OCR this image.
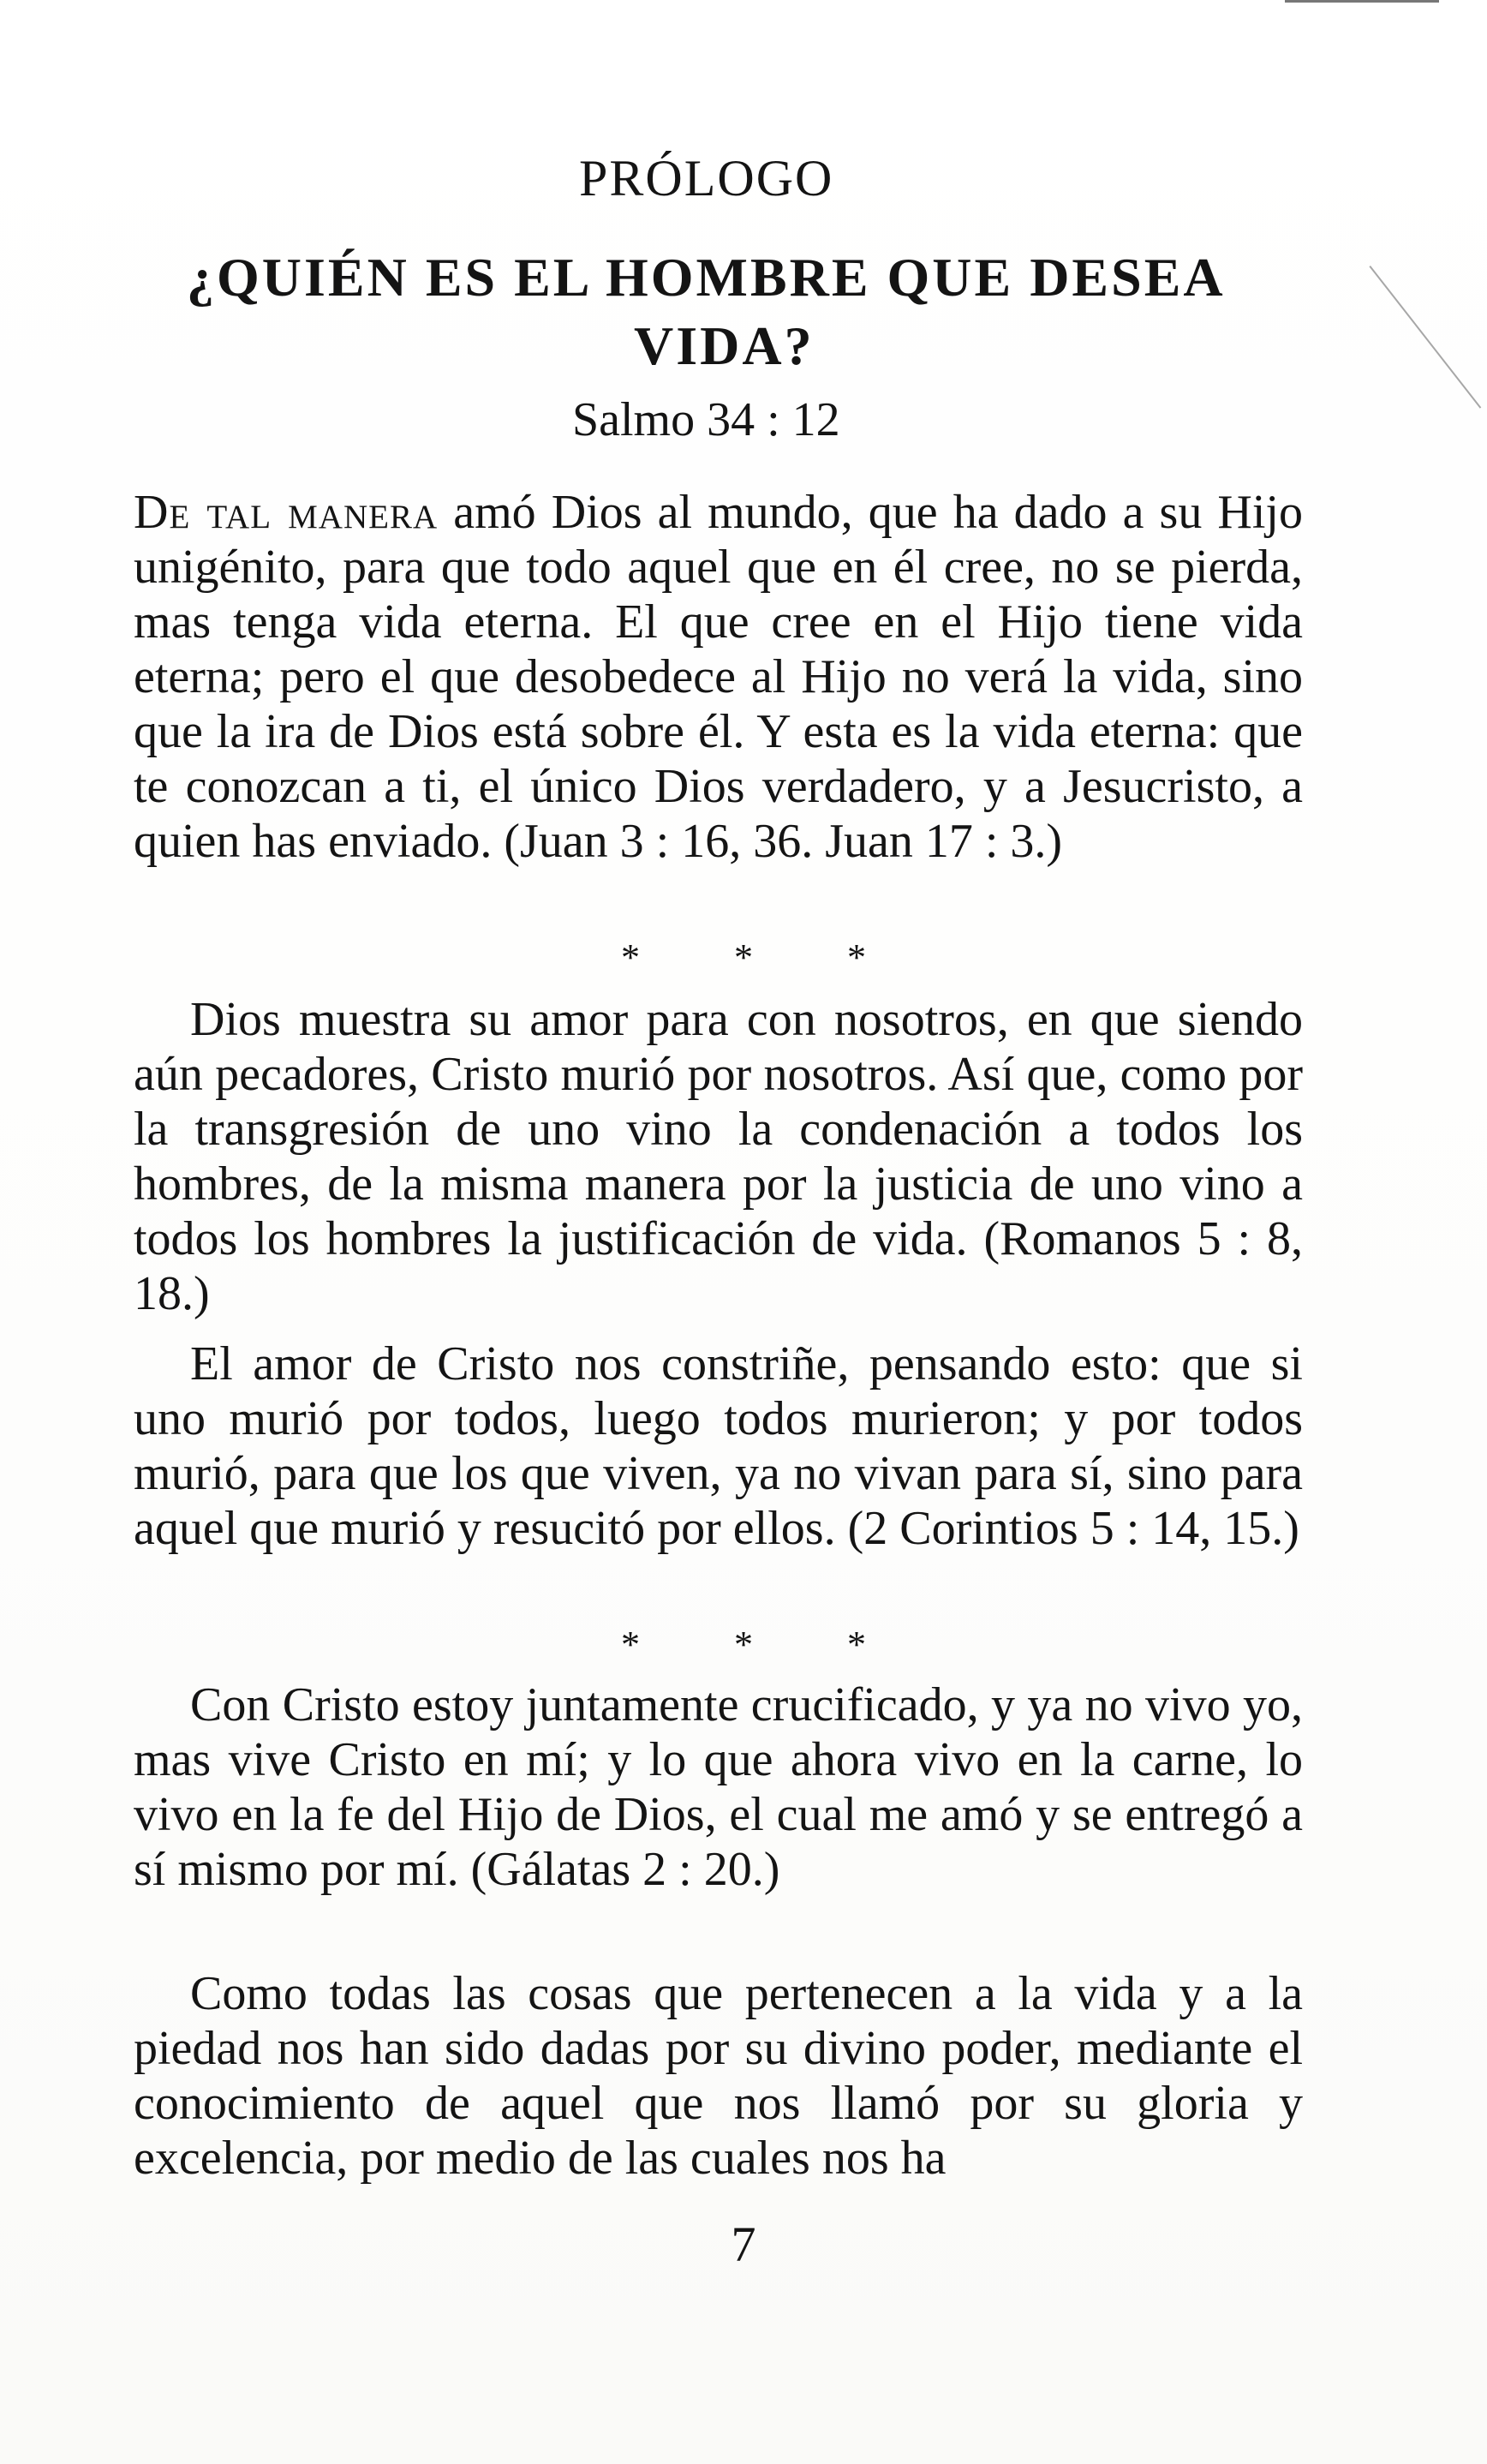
PRÓLOGO
¿QUIÉN ES EL HOMBRE QUE DESEA
VIDA?
Salmo 34 : 12

De tal manera amó Dios al mundo, que ha dado a su Hijo unigénito, para que todo aquel que en él cree, no se pierda, mas tenga vida eterna. El que cree en el Hijo tiene vida eterna; pero el que desobedece al Hijo no verá la vida, sino que la ira de Dios está sobre él. Y esta es la vida eterna: que te conozcan a ti, el único Dios verdadero, y a Jesucristo, a quien has enviado. (Juan 3 : 16, 36. Juan 17 : 3.)

*	*	*

Dios muestra su amor para con nosotros, en que siendo aún pecadores, Cristo murió por nosotros. Así que, como por la transgresión de uno vino la condenación a todos los hombres, de la misma manera por la justicia de uno vino a todos los hombres la justificación de vida. (Romanos 5 : 8, 18.)

El amor de Cristo nos constriñe, pensando esto: que si uno murió por todos, luego todos murieron; y por todos murió, para que los que viven, ya no vivan para sí, sino para aquel que murió y resucitó por ellos. (2 Corintios 5 : 14, 15.)

*	*	*

Con Cristo estoy juntamente crucificado, y ya no vivo yo, mas vive Cristo en mí; y lo que ahora vivo en la carne, lo vivo en la fe del Hijo de Dios, el cual me amó y se entregó a sí mismo por mí. (Gálatas 2 : 20.)

Como todas las cosas que pertenecen a la vida y a la piedad nos han sido dadas por su divino poder, mediante el conocimiento de aquel que nos llamó por su gloria y excelencia, por medio de las cuales nos ha

7
